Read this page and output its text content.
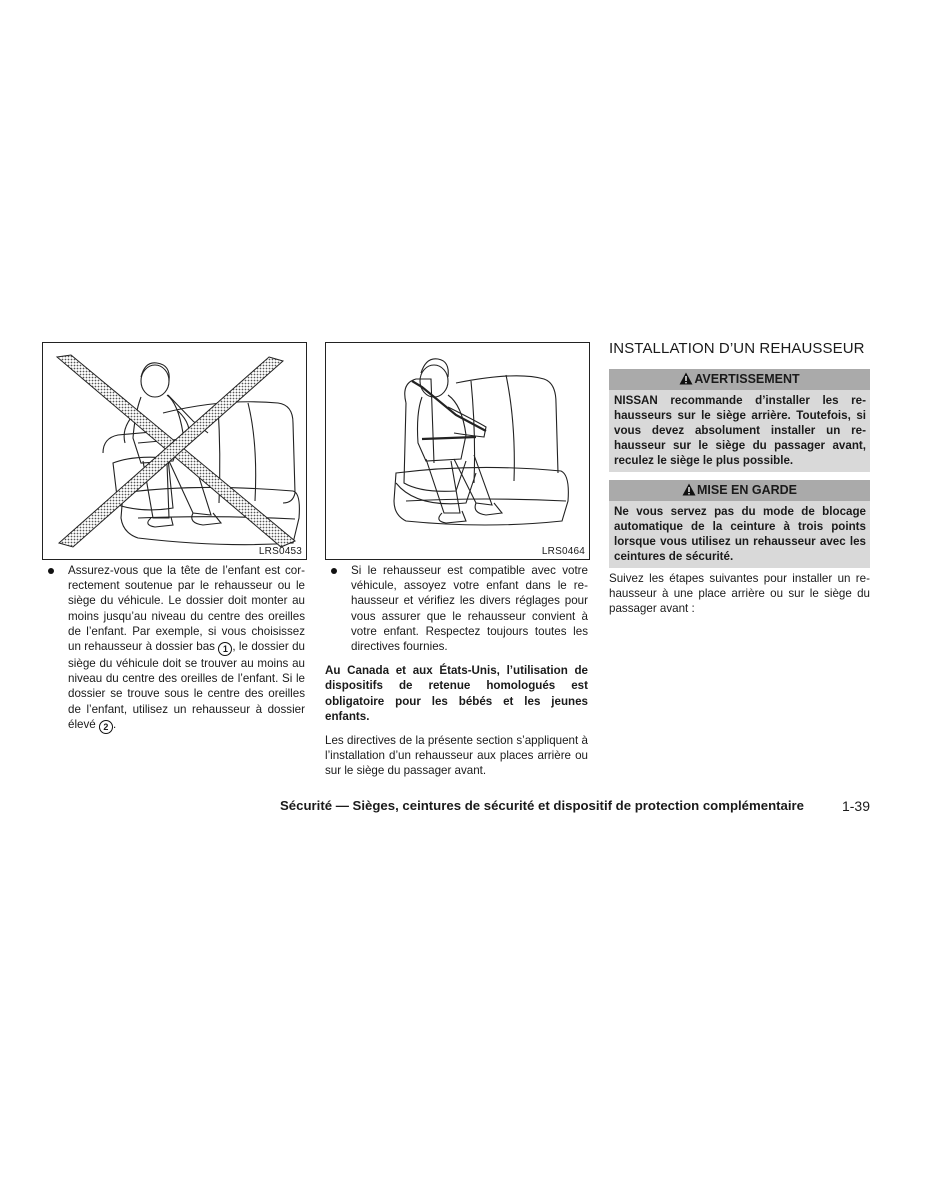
LRS0453	LRS0464
Assurez-vous que la tête de l’enfant est correctement soutenue par le rehausseur ou le siège du véhicule. Le dossier doit monter au moins jusqu’au niveau du centre des oreilles de l’enfant. Par exemple, si vous choisissez un rehausseur à dossier bas 1 , le dossier du siège du véhicule doit se trouver au moins au niveau du centre des oreilles de l’enfant. Si le dossier se trouve sous le centre des oreilles de l’enfant, utilisez un rehausseur à dossier élevé 2 .
Si le rehausseur est compatible avec votre véhicule, assoyez votre enfant dans le rehausseur et vérifiez les divers réglages pour vous assurer que le rehausseur convient à votre enfant. Respectez toujours toutes les directives fournies.
Au Canada et aux États-Unis, l’utilisation de dispositifs de retenue homologués est obligatoire pour les bébés et les jeunes enfants.
Les directives de la présente section s’appliquent à l’installation d’un rehausseur aux places arrière ou sur le siège du passager avant.
INSTALLATION D’UN REHAUSSEUR
AVERTISSEMENT
NISSAN recommande d’installer les rehausseurs sur le siège arrière. Toutefois, si vous devez absolument installer un rehausseur sur le siège du passager avant, reculez le siège le plus possible.
MISE EN GARDE
Ne vous servez pas du mode de blocage automatique de la ceinture à trois points lorsque vous utilisez un rehausseur avec les ceintures de sécurité.
Suivez les étapes suivantes pour installer un rehausseur à une place arrière ou sur le siège du passager avant :
Sécurité — Sièges, ceintures de sécurité et dispositif de protection complémentaire	1-39
